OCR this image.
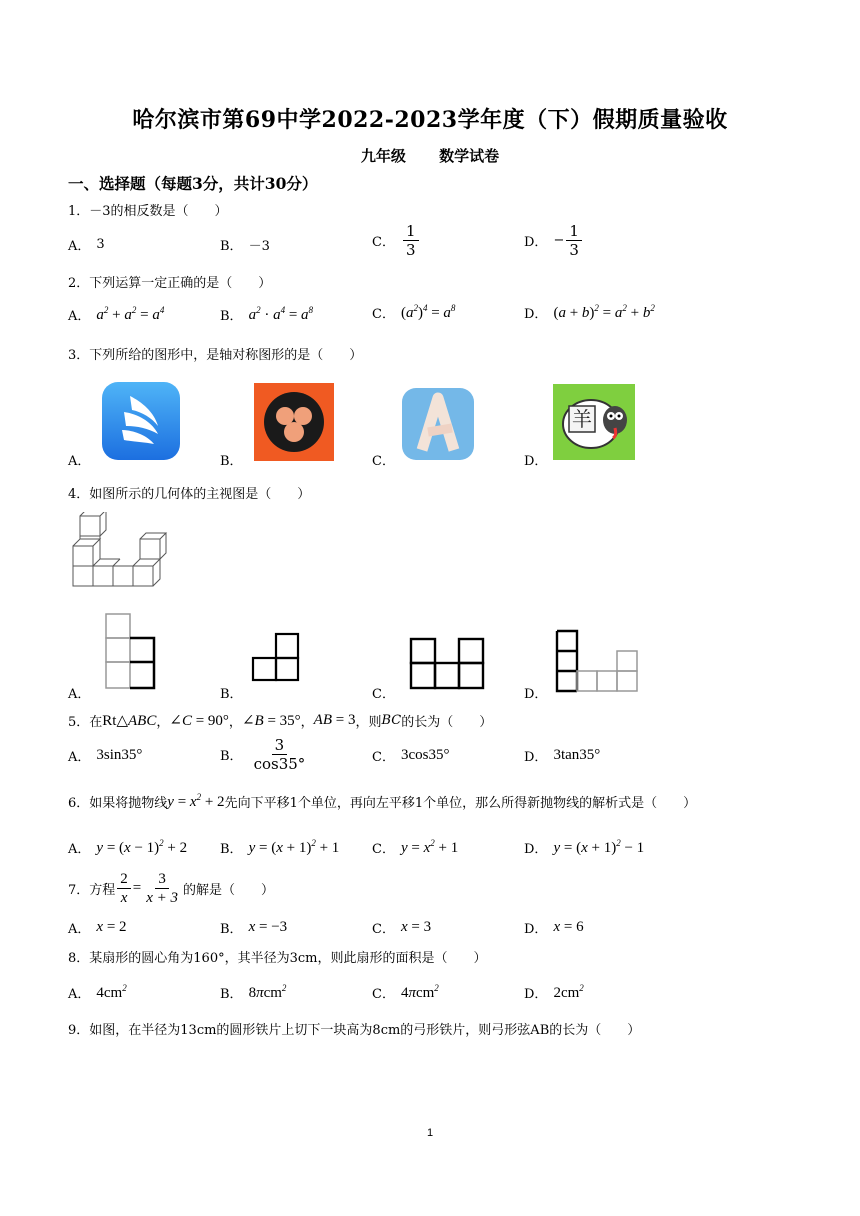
哈尔滨市第69中学2022-2023学年度（下）假期质量验收
九年级 数学试卷
一、选择题（每题3分，共计30分）
1．－3的相反数是（　　）
A． 3	B． －3	C． $\frac{1}{3}$	D． − $\frac{1}{3}$
2．下列运算一定正确的是（　　）
A． $a^2 + a^2 = a^4$	B． $a^2 \cdot a^4 = a^8$	C． $(a^2)^4 = a^8$	D． $(a + b)^2 = a^2 + b^2$
3．下列所给的图形中，是轴对称图形的是（　　）
A．	B．	C．	D．
羊
4．如图所示的几何体的主视图是（　　）
A．	B．	C．	D．
5．在 Rt△ABC ， ∠C = 90° ， ∠B = 35° ， AB = 3 ，则 BC 的长为（　　）
A． 3sin35°	B． $\frac{3}{\cos 35^\circ}$	C． 3cos35°	D． 3tan35°
6．如果将抛物线 $y = x^2 + 2$ 先向下平移1个单位，再向左平移1个单位，那么所得新抛物线的解析式是（　　）
A． $y = (x - 1)^2 + 2$	B． $y = (x + 1)^2 + 1$	C． $y = x^2 + 1$	D． $y = (x + 1)^2 - 1$
7．方程 $\frac{2}{x} = \frac{3}{x + 3}$ 的解是（　　）
A． x = 2	B． x = −3	C． x = 3	D． x = 6
8．某扇形的圆心角为160°，其半径为3cm，则此扇形的面积是（　　）
A． $4cm^2$	B． 8πcm$^2$	C． 4πcm$^2$	D． $2cm^2$
9．如图，在半径为13cm的圆形铁片上切下一块高为8cm的弓形铁片，则弓形弦AB的长为（　　）
1
